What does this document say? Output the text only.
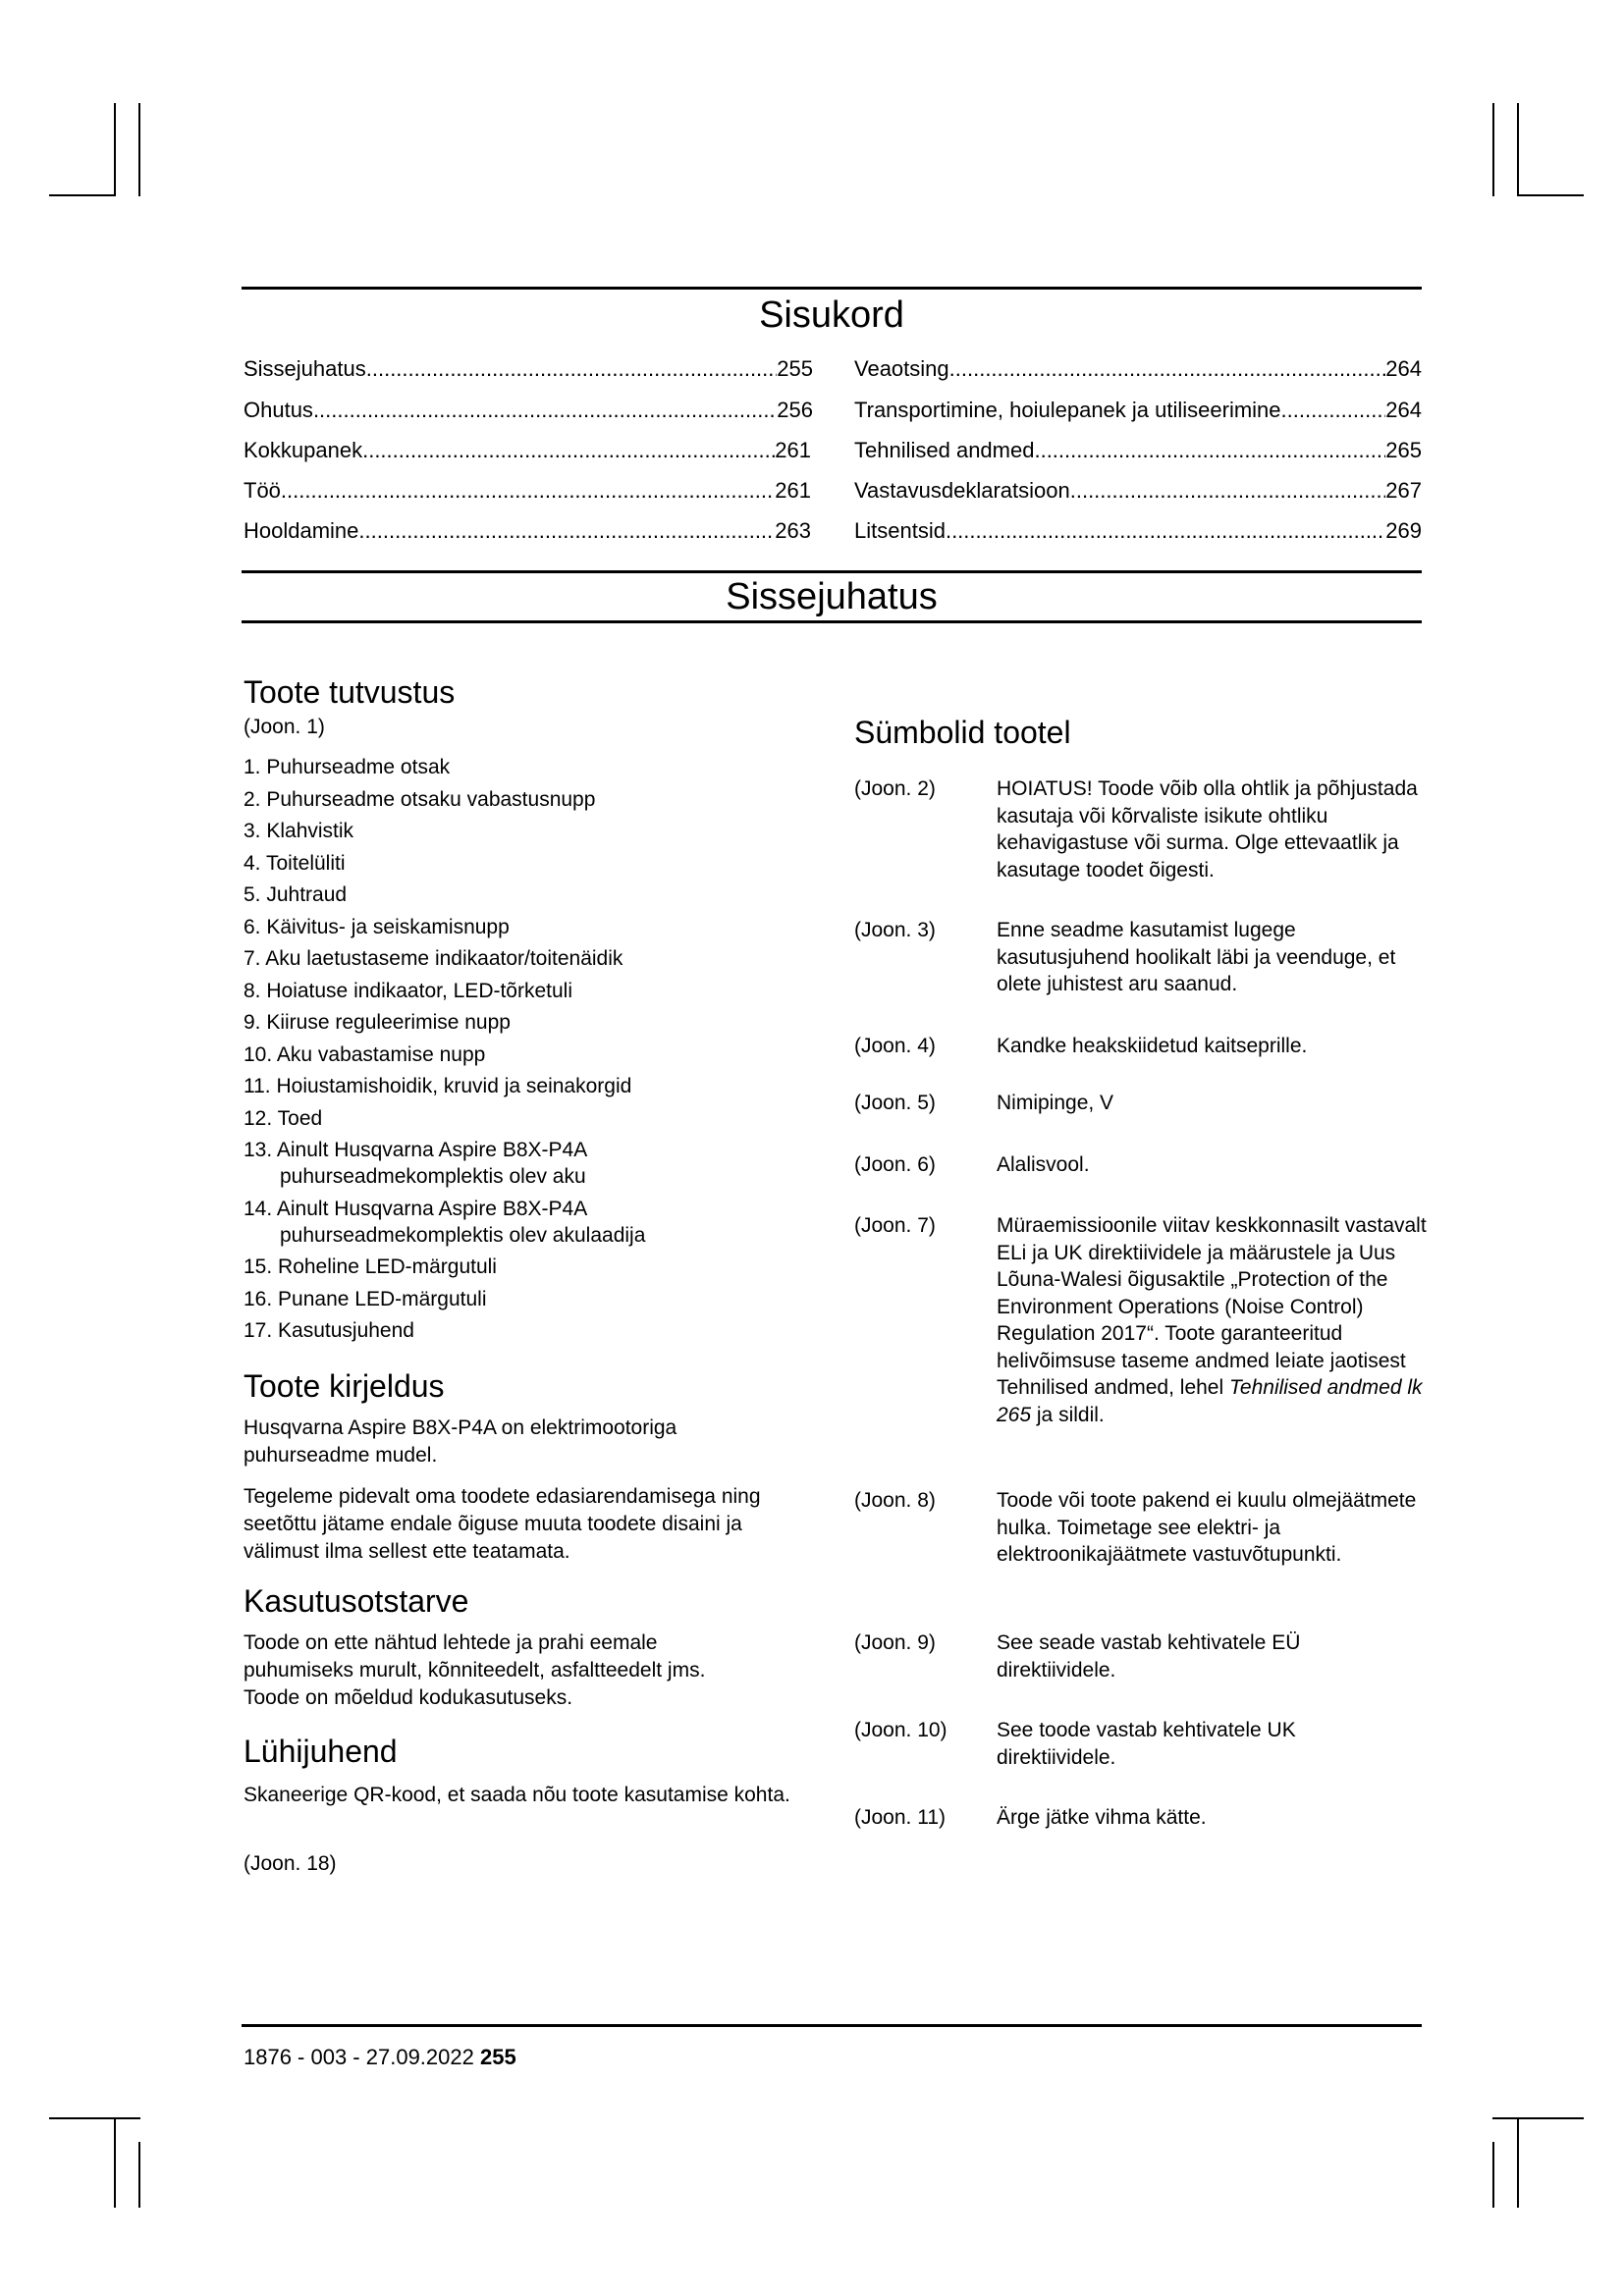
Sisukord
Sissejuhatus .....	255
Ohutus .....	256
Kokkupanek .....	261
Töö .....	261
Hooldamine .....	263
Veaotsing .....	264
Transportimine, hoiulepanek ja utiliseerimine .....	264
Tehnilised andmed .....	265
Vastavusdeklaratsioon .....	267
Litsentsid .....	269
Sissejuhatus
Toote tutvustus
(Joon. 1)
1. Puhurseadme otsak
2. Puhurseadme otsaku vabastusnupp
3. Klahvistik
4. Toitelüliti
5. Juhtraud
6. Käivitus- ja seiskamisnupp
7. Aku laetustaseme indikaator/toitenäidik
8. Hoiatuse indikaator, LED-tõrketuli
9. Kiiruse reguleerimise nupp
10. Aku vabastamise nupp
11. Hoiustamishoidik, kruvid ja seinakorgid
12. Toed
13. Ainult Husqvarna Aspire B8X-P4A puhurseadmekomplektis olev aku
14. Ainult Husqvarna Aspire B8X-P4A puhurseadmekomplektis olev akulaadija
15. Roheline LED-märgutuli
16. Punane LED-märgutuli
17. Kasutusjuhend
Toote kirjeldus
Husqvarna Aspire B8X-P4A on elektrimootoriga puhurseadme mudel.
Tegeleme pidevalt oma toodete edasiarendamisega ning seetõttu jätame endale õiguse muuta toodete disaini ja välimust ilma sellest ette teatamata.
Kasutusotstarve
Toode on ette nähtud lehtede ja prahi eemale puhumiseks murult, kõnniteedelt, asfaltteedelt jms. Toode on mõeldud kodukasutuseks.
Lühijuhend
Skaneerige QR-kood, et saada nõu toote kasutamise kohta.
(Joon. 18)
Sümbolid tootel
(Joon. 2)	HOIATUS! Toode võib olla ohtlik ja põhjustada kasutaja või kõrvaliste isikute ohtliku kehavigastuse või surma. Olge ettevaatlik ja kasutage toodet õigesti.
(Joon. 3)	Enne seadme kasutamist lugege kasutusjuhend hoolikalt läbi ja veenduge, et olete juhistest aru saanud.
(Joon. 4)	Kandke heakskiidetud kaitseprille.
(Joon. 5)	Nimipinge, V
(Joon. 6)	Alalisvool.
(Joon. 7)	Müraemissioonile viitav keskkonnasilt vastavalt ELi ja UK direktiividele ja määrustele ja Uus Lõuna-Walesi õigusaktile „Protection of the Environment Operations (Noise Control) Regulation 2017“. Toote garanteeritud helivõimsuse taseme andmed leiate jaotisest Tehnilised andmed, lehel Tehnilised andmed lk 265 ja sildil.
(Joon. 8)	Toode või toote pakend ei kuulu olmejäätmete hulka. Toimetage see elektri- ja elektroonikajäätmete vastuvõtupunkti.
(Joon. 9)	See seade vastab kehtivatele EÜ direktiividele.
(Joon. 10) See toode vastab kehtivatele UK direktiividele.
(Joon. 11) Ärge jätke vihma kätte.
1876 - 003 - 27.09.2022 255
